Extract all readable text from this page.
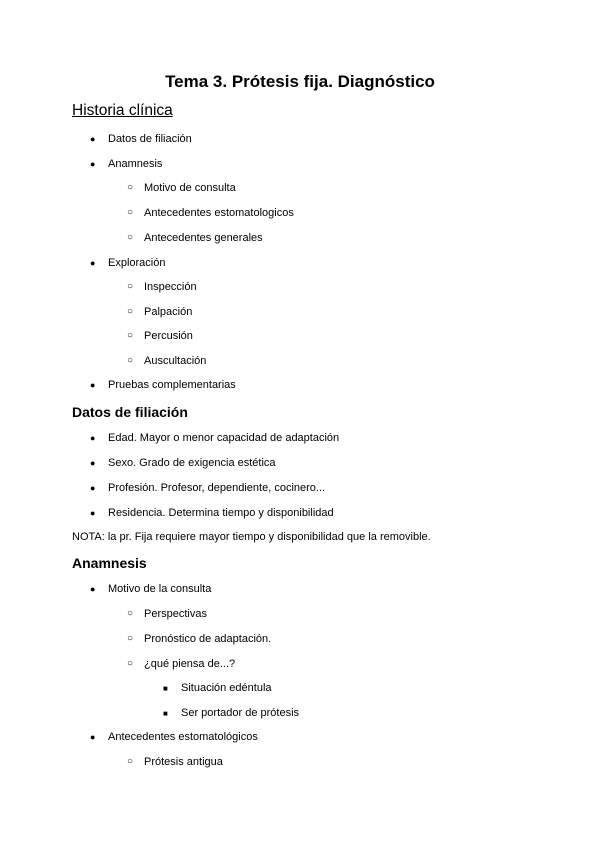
Tema 3. Prótesis fija. Diagnóstico
Historia clínica
● Datos de filiación
● Anamnesis
○ Motivo de consulta
○ Antecedentes estomatologicos
○ Antecedentes generales
● Exploración
○ Inspección
○ Palpación
○ Percusión
○ Auscultación
● Pruebas complementarias
Datos de filiación
● Edad. Mayor o menor capacidad de adaptación
● Sexo. Grado de exigencia estética
● Profesión. Profesor, dependiente, cocinero...
● Residencia. Determina tiempo y disponibilidad
NOTA: la pr. Fija requiere mayor tiempo y disponibilidad que la removible.
Anamnesis
● Motivo de la consulta
○ Perspectivas
○ Pronóstico de adaptación.
○ ¿qué piensa de...?
■ Situación edéntula
■ Ser portador de prótesis
● Antecedentes estomatológicos
○ Prótesis antigua
